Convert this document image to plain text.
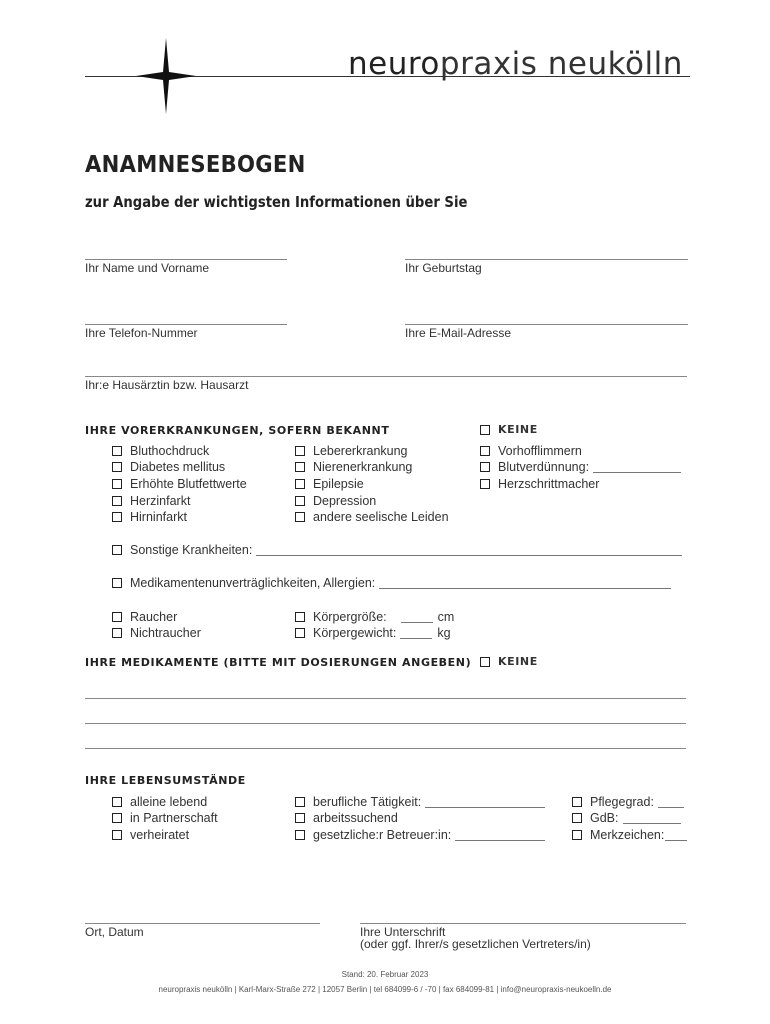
neuropraxis neukölln
ANAMNESEBOGEN
zur Angabe der wichtigsten Informationen über Sie
Ihr Name und Vorname	Ihr Geburtstag
Ihre Telefon-Nummer	Ihre E-Mail-Adresse
Ihr:e Hausärztin bzw. Hausarzt
IHRE VORERKRANKUNGEN, SOFERN BEKANNT	KEINE
Bluthochdruck
Diabetes mellitus
Erhöhte Blutfettwerte
Herzinfarkt
Hirninfarkt
Lebererkrankung
Nierenerkrankung
Epilepsie
Depression
andere seelische Leiden
Vorhofflimmern
Blutverdünnung:
Herzschrittmacher
Sonstige Krankheiten:
Medikamentenunverträglichkeiten, Allergien:
Raucher
Nichtraucher
Körpergröße:	cm
Körpergewicht:	kg
IHRE MEDIKAMENTE (BITTE MIT DOSIERUNGEN ANGEBEN) KEINE
IHRE LEBENSUMSTÄNDE
alleine lebend
in Partnerschaft
verheiratet
berufliche Tätigkeit:
arbeitssuchend
gesetzliche:r Betreuer:in:
Pflegegrad:
GdB:
Merkzeichen:
Ort, Datum	Ihre Unterschrift
(oder ggf. Ihrer/s gesetzlichen Vertreters/in)
Stand: 20. Februar 2023
neuropraxis neukölln | Karl-Marx-Straße 272 | 12057 Berlin | tel 684099-6 / -70 | fax 684099-81 | info@neuropraxis-neukoelln.de
